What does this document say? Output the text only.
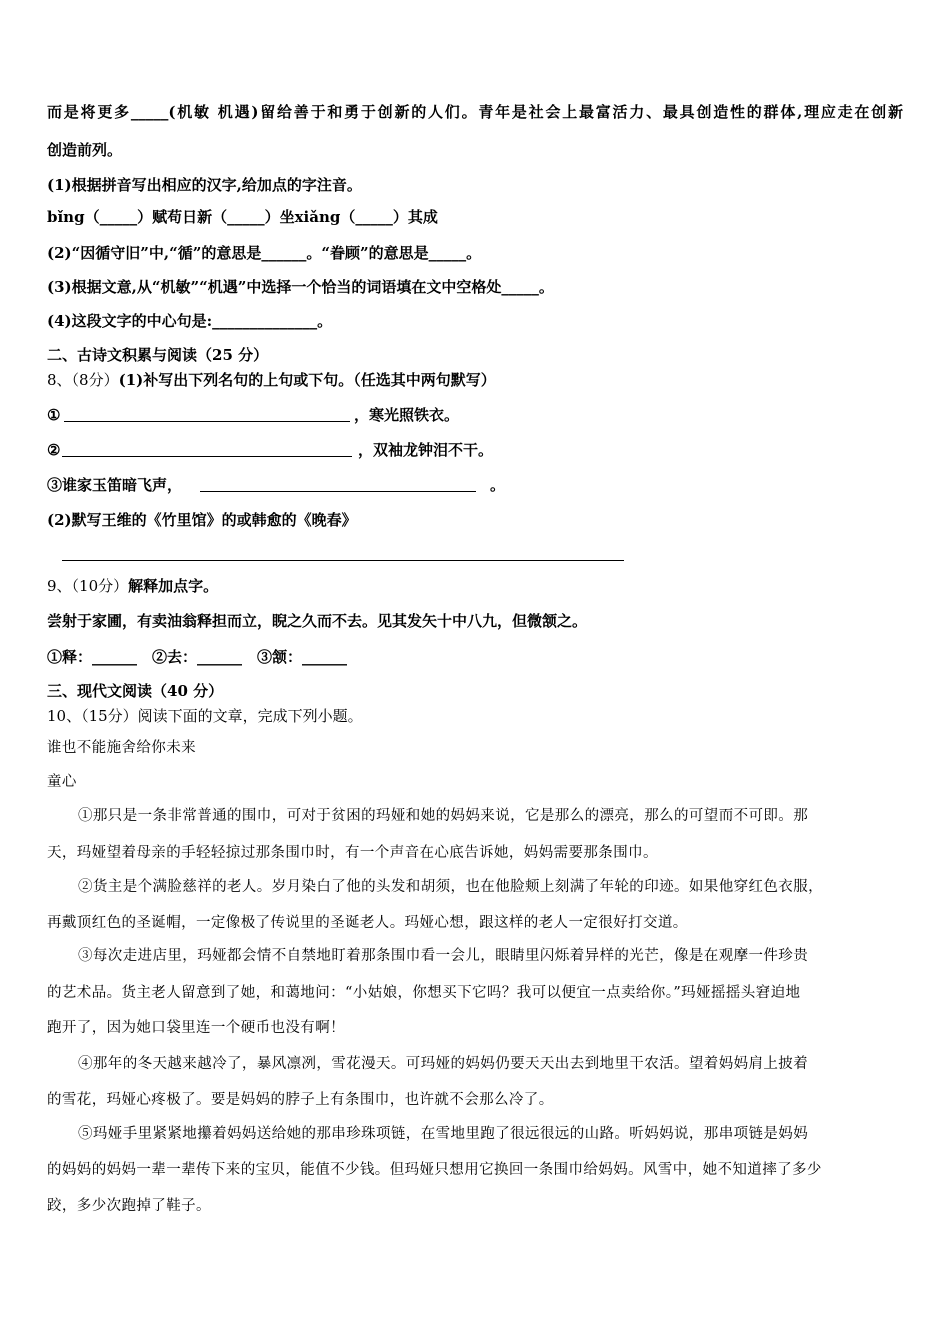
而是将更多_____(机敏 机遇)留给善于和勇于创新的人们。青年是社会上最富活力、最具创造性的群体,理应走在创新
创造前列。
(1)根据拼音写出相应的汉字,给加点的字注音。
bǐng（_____）赋苟日新（_____）坐xiǎng（_____）其成
(2)“因循守旧”中,“循”的意思是______。“眷顾”的意思是_____。
(3)根据文意,从“机敏”“机遇”中选择一个恰当的词语填在文中空格处_____。
(4)这段文字的中心句是:______________。
二、古诗文积累与阅读（25 分）
8、（8分）(1)补写出下列名句的上句或下句。（任选其中两句默写）
①	，寒光照铁衣。
②	，双袖龙钟泪不干。
③谁家玉笛暗飞声，	。
(2)默写王维的《竹里馆》的或韩愈的《晚春》
9、（10分）解释加点字。
尝射于家圃，有卖油翁释担而立，睨之久而不去。见其发矢十中八九，但微颔之。
①释：______　②去：______　③颔：______
三、现代文阅读（40 分）
10、（15分）阅读下面的文章，完成下列小题。
谁也不能施舍给你未来
童心
①那只是一条非常普通的围巾，可对于贫困的玛娅和她的妈妈来说，它是那么的漂亮，那么的可望而不可即。那
天，玛娅望着母亲的手轻轻掠过那条围巾时，有一个声音在心底告诉她，妈妈需要那条围巾。
②货主是个满脸慈祥的老人。岁月染白了他的头发和胡须，也在他脸颊上刻满了年轮的印迹。如果他穿红色衣服，
再戴顶红色的圣诞帽，一定像极了传说里的圣诞老人。玛娅心想，跟这样的老人一定很好打交道。
③每次走进店里，玛娅都会情不自禁地盯着那条围巾看一会儿，眼睛里闪烁着异样的光芒，像是在观摩一件珍贵
的艺术品。货主老人留意到了她，和蔼地问：“小姑娘，你想买下它吗？我可以便宜一点卖给你。”玛娅摇摇头窘迫地
跑开了，因为她口袋里连一个硬币也没有啊！
④那年的冬天越来越冷了，暴风凛冽，雪花漫天。可玛娅的妈妈仍要天天出去到地里干农活。望着妈妈肩上披着
的雪花，玛娅心疼极了。要是妈妈的脖子上有条围巾，也许就不会那么冷了。
⑤玛娅手里紧紧地攥着妈妈送给她的那串珍珠项链，在雪地里跑了很远很远的山路。听妈妈说，那串项链是妈妈
的妈妈的妈妈一辈一辈传下来的宝贝，能值不少钱。但玛娅只想用它换回一条围巾给妈妈。风雪中，她不知道摔了多少
跤，多少次跑掉了鞋子。
